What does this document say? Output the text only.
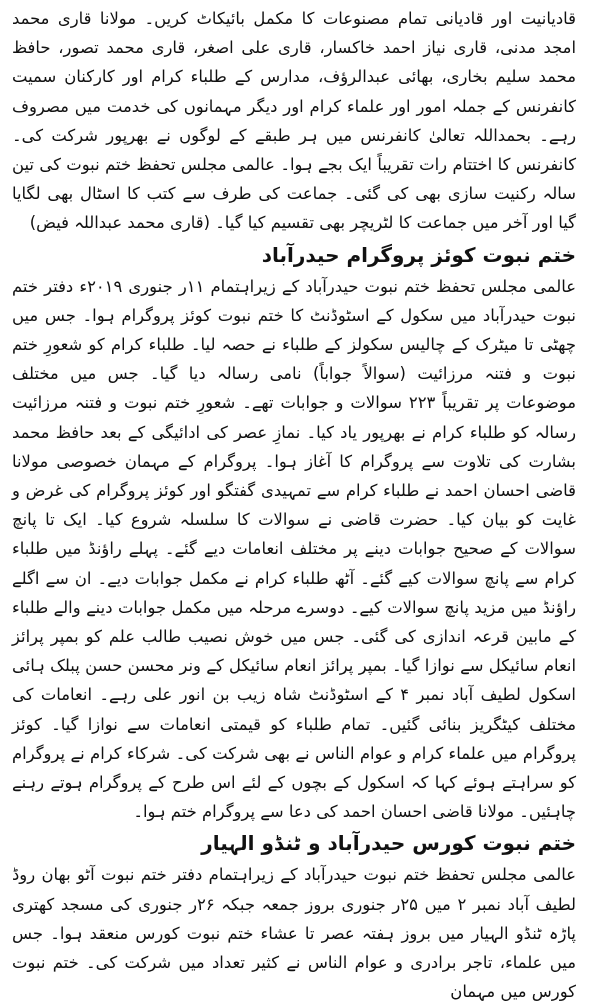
قادیانیت اور قادیانی تمام مصنوعات کا مکمل بائیکاٹ کریں۔ مولانا قاری محمد امجد مدنی، قاری نیاز احمد خاکسار، قاری علی اصغر، قاری محمد تصور، حافظ محمد سلیم بخاری، بھائی عبدالرؤف، مدارس کے طلباء کرام اور کارکنان سمیت کانفرنس کے جملہ امور اور علماء کرام اور دیگر مہمانوں کی خدمت میں مصروف رہے۔ بحمداللہ تعالیٰ کانفرنس میں ہر طبقے کے لوگوں نے بھرپور شرکت کی۔ کانفرنس کا اختتام رات تقریباً ایک بجے ہوا۔ عالمی مجلس تحفظ ختم نبوت کی تین سالہ رکنیت سازی بھی کی گئی۔ جماعت کی طرف سے کتب کا اسٹال بھی لگایا گیا اور آخر میں جماعت کا لٹریچر بھی تقسیم کیا گیا۔ (قاری محمد عبداللہ فیض)

ختم نبوت کوئز پروگرام حیدرآباد

عالمی مجلس تحفظ ختم نبوت حیدرآباد کے زیراہتمام ۱۱ر جنوری ۲۰۱۹ء دفتر ختم نبوت حیدرآباد میں سکول کے اسٹوڈنٹ کا ختم نبوت کوئز پروگرام ہوا۔ جس میں چھٹی تا میٹرک کے چالیس سکولز کے طلباء نے حصہ لیا۔ طلباء کرام کو شعورِ ختم نبوت و فتنہ مرزائیت (سوالاً جواباً) نامی رسالہ دیا گیا۔ جس میں مختلف موضوعات پر تقریباً ۲۲۳ سوالات و جوابات تھے۔ شعورِ ختم نبوت و فتنہ مرزائیت رسالہ کو طلباء کرام نے بھرپور یاد کیا۔ نمازِ عصر کی ادائیگی کے بعد حافظ محمد بشارت کی تلاوت سے پروگرام کا آغاز ہوا۔ پروگرام کے مہمان خصوصی مولانا قاضی احسان احمد نے طلباء کرام سے تمہیدی گفتگو اور کوئز پروگرام کی غرض و غایت کو بیان کیا۔ حضرت قاضی نے سوالات کا سلسلہ شروع کیا۔ ایک تا پانچ سوالات کے صحیح جوابات دینے پر مختلف انعامات دیے گئے۔ پہلے راؤنڈ میں طلباء کرام سے پانچ سوالات کیے گئے۔ آٹھ طلباء کرام نے مکمل جوابات دیے۔ ان سے اگلے راؤنڈ میں مزید پانچ سوالات کیے۔ دوسرے مرحلہ میں مکمل جوابات دینے والے طلباء کے مابین قرعہ اندازی کی گئی۔ جس میں خوش نصیب طالب علم کو بمپر پرائز انعام سائیکل سے نوازا گیا۔ بمپر پرائز انعام سائیکل کے ونر محسن حسن پبلک ہائی اسکول لطیف آباد نمبر ۴ کے اسٹوڈنٹ شاہ زیب بن انور علی رہے۔ انعامات کی مختلف کیٹگریز بنائی گئیں۔ تمام طلباء کو قیمتی انعامات سے نوازا گیا۔ کوئز پروگرام میں علماء کرام و عوام الناس نے بھی شرکت کی۔ شرکاء کرام نے پروگرام کو سراہتے ہوئے کہا کہ اسکول کے بچوں کے لئے اس طرح کے پروگرام ہوتے رہنے چاہئیں۔ مولانا قاضی احسان احمد کی دعا سے پروگرام ختم ہوا۔

ختم نبوت کورس حیدرآباد و ٹنڈو الہیار

عالمی مجلس تحفظ ختم نبوت حیدرآباد کے زیراہتمام دفتر ختم نبوت آٹو بھان روڈ لطیف آباد نمبر ۲ میں ۲۵ر جنوری بروز جمعہ جبکہ ۲۶ر جنوری کی مسجد کھتری پاڑہ ٹنڈو الہیار میں بروز ہفتہ عصر تا عشاء ختم نبوت کورس منعقد ہوا۔ جس میں علماء، تاجر برادری و عوام الناس نے کثیر تعداد میں شرکت کی۔ ختم نبوت کورس میں مہمان
